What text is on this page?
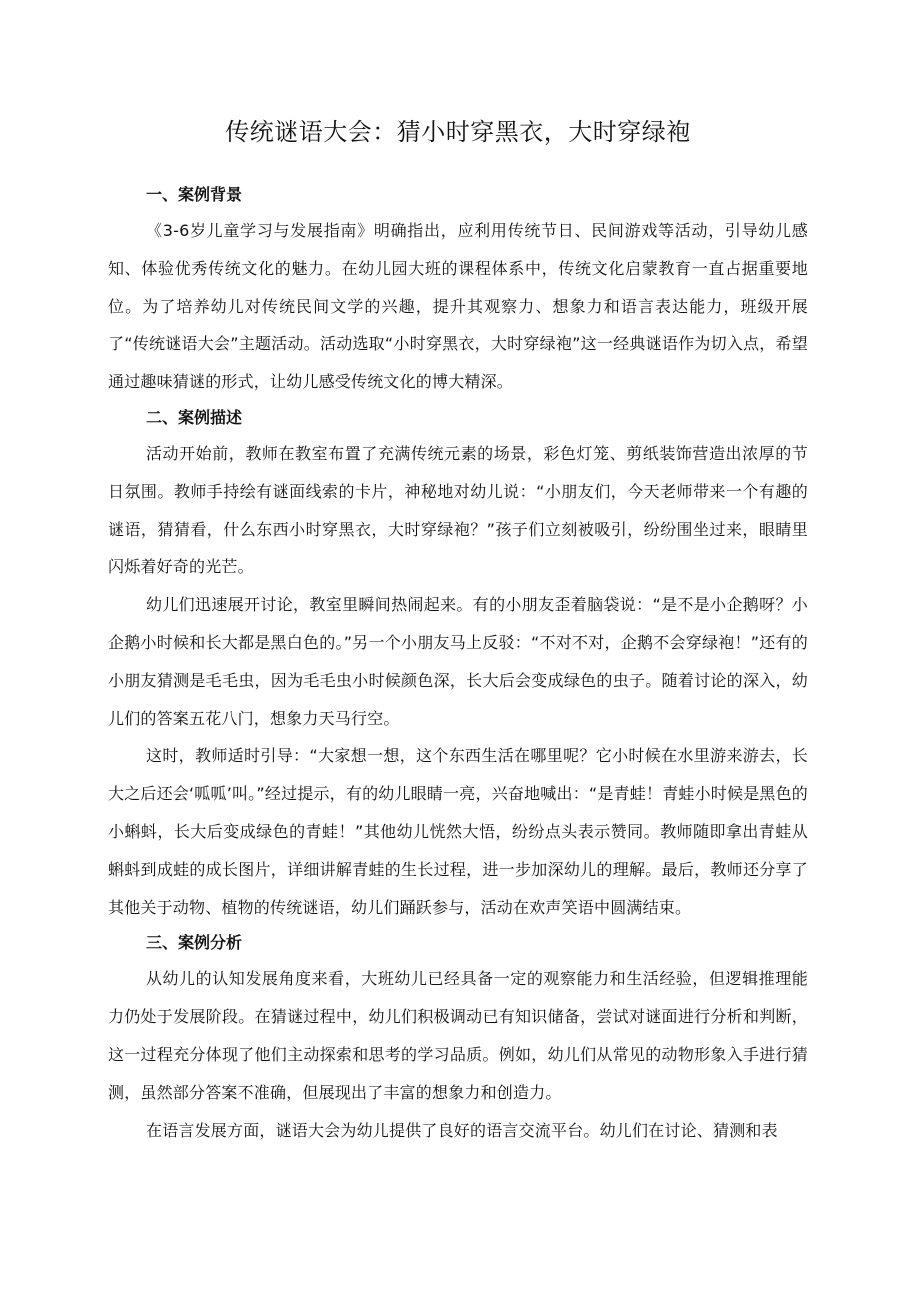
传统谜语大会：猜小时穿黑衣，大时穿绿袍
一、案例背景

《3-6岁儿童学习与发展指南》明确指出，应利用传统节日、民间游戏等活动，引导幼儿感知、体验优秀传统文化的魅力。在幼儿园大班的课程体系中，传统文化启蒙教育一直占据重要地位。为了培养幼儿对传统民间文学的兴趣，提升其观察力、想象力和语言表达能力，班级开展了“传统谜语大会”主题活动。活动选取“小时穿黑衣，大时穿绿袍”这一经典谜语作为切入点，希望通过趣味猜谜的形式，让幼儿感受传统文化的博大精深。

二、案例描述

活动开始前，教师在教室布置了充满传统元素的场景，彩色灯笼、剪纸装饰营造出浓厚的节日氛围。教师手持绘有谜面线索的卡片，神秘地对幼儿说：“小朋友们，今天老师带来一个有趣的谜语，猜猜看，什么东西小时穿黑衣，大时穿绿袍？”孩子们立刻被吸引，纷纷围坐过来，眼睛里闪烁着好奇的光芒。

幼儿们迅速展开讨论，教室里瞬间热闹起来。有的小朋友歪着脑袋说：“是不是小企鹅呀？小企鹅小时候和长大都是黑白色的。”另一个小朋友马上反驳：“不对不对，企鹅不会穿绿袍！”还有的小朋友猜测是毛毛虫，因为毛毛虫小时候颜色深，长大后会变成绿色的虫子。随着讨论的深入，幼儿们的答案五花八门，想象力天马行空。

这时，教师适时引导：“大家想一想，这个东西生活在哪里呢？它小时候在水里游来游去，长大之后还会‘呱呱’叫。”经过提示，有的幼儿眼睛一亮，兴奋地喊出：“是青蛙！青蛙小时候是黑色的小蝌蚪，长大后变成绿色的青蛙！”其他幼儿恍然大悟，纷纷点头表示赞同。教师随即拿出青蛙从蝌蚪到成蛙的成长图片，详细讲解青蛙的生长过程，进一步加深幼儿的理解。最后，教师还分享了其他关于动物、植物的传统谜语，幼儿们踊跃参与，活动在欢声笑语中圆满结束。

三、案例分析

从幼儿的认知发展角度来看，大班幼儿已经具备一定的观察能力和生活经验，但逻辑推理能力仍处于发展阶段。在猜谜过程中，幼儿们积极调动已有知识储备，尝试对谜面进行分析和判断，这一过程充分体现了他们主动探索和思考的学习品质。例如，幼儿们从常见的动物形象入手进行猜测，虽然部分答案不准确，但展现出了丰富的想象力和创造力。

在语言发展方面，谜语大会为幼儿提供了良好的语言交流平台。幼儿们在讨论、猜测和表
